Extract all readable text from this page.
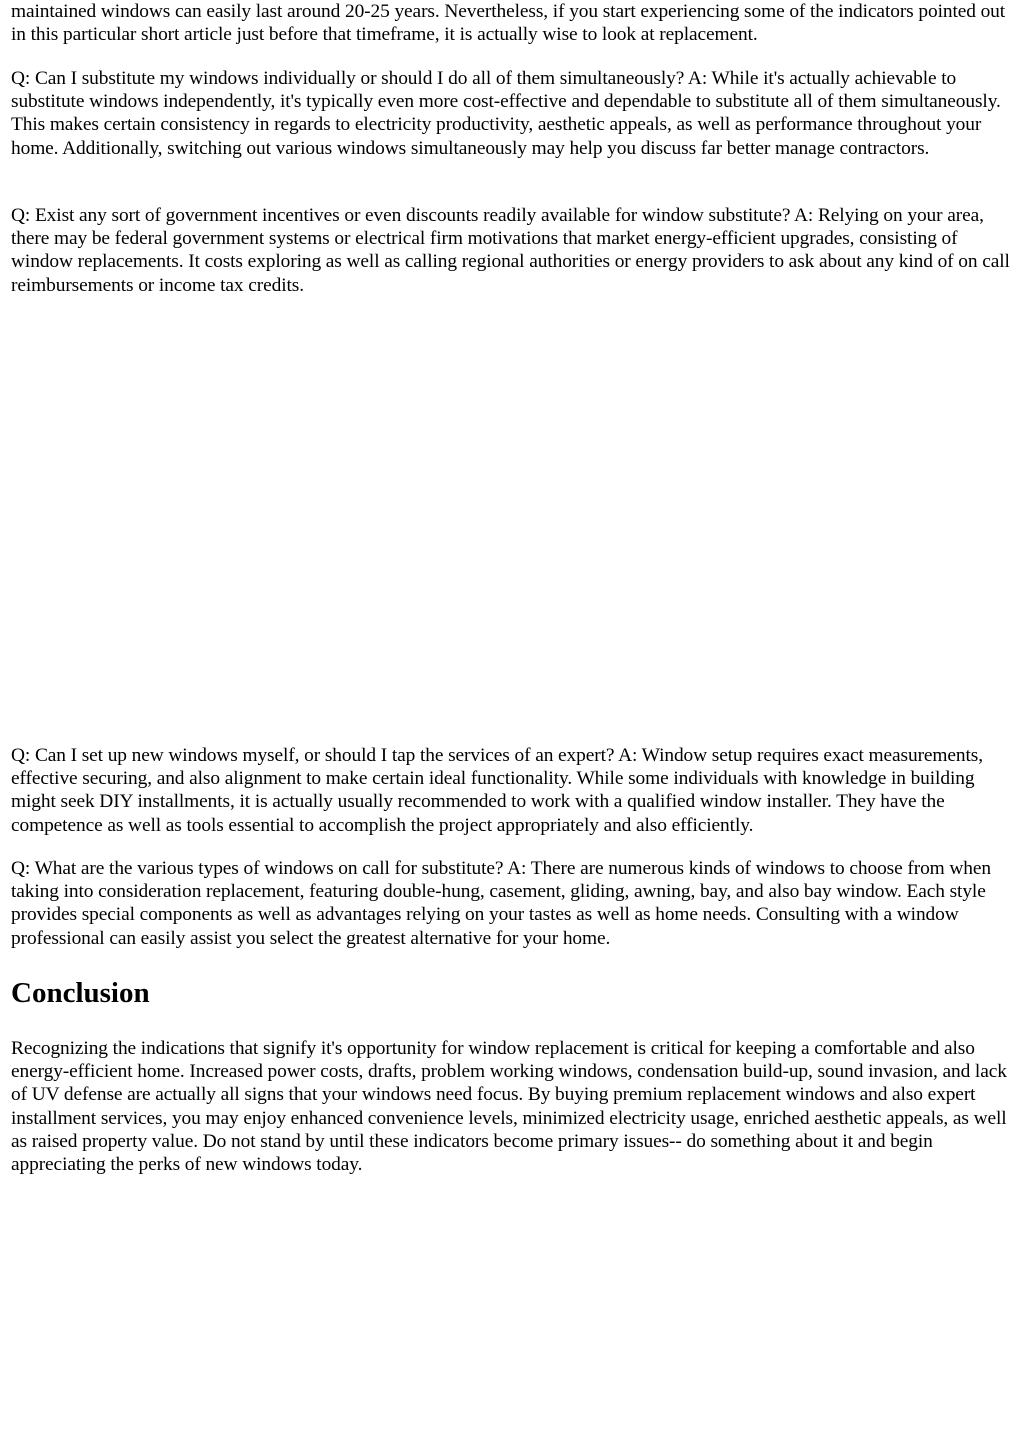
maintained windows can easily last around 20-25 years. Nevertheless, if you start experiencing some of the indicators pointed out in this particular short article just before that timeframe, it is actually wise to look at replacement.

Q: Can I substitute my windows individually or should I do all of them simultaneously? A: While it's actually achievable to substitute windows independently, it's typically even more cost-effective and dependable to substitute all of them simultaneously. This makes certain consistency in regards to electricity productivity, aesthetic appeals, as well as performance throughout your home. Additionally, switching out various windows simultaneously may help you discuss far better manage contractors.

Q: Exist any sort of government incentives or even discounts readily available for window substitute? A: Relying on your area, there may be federal government systems or electrical firm motivations that market energy-efficient upgrades, consisting of window replacements. It costs exploring as well as calling regional authorities or energy providers to ask about any kind of on call reimbursements or income tax credits.

Q: Can I set up new windows myself, or should I tap the services of an expert? A: Window setup requires exact measurements, effective securing, and also alignment to make certain ideal functionality. While some individuals with knowledge in building might seek DIY installments, it is actually usually recommended to work with a qualified window installer. They have the competence as well as tools essential to accomplish the project appropriately and also efficiently.

Q: What are the various types of windows on call for substitute? A: There are numerous kinds of windows to choose from when taking into consideration replacement, featuring double-hung, casement, gliding, awning, bay, and also bay window. Each style provides special components as well as advantages relying on your tastes as well as home needs. Consulting with a window professional can easily assist you select the greatest alternative for your home.

Conclusion

Recognizing the indications that signify it's opportunity for window replacement is critical for keeping a comfortable and also energy-efficient home. Increased power costs, drafts, problem working windows, condensation build-up, sound invasion, and lack of UV defense are actually all signs that your windows need focus. By buying premium replacement windows and also expert installment services, you may enjoy enhanced convenience levels, minimized electricity usage, enriched aesthetic appeals, as well as raised property value. Do not stand by until these indicators become primary issues-- do something about it and begin appreciating the perks of new windows today.
